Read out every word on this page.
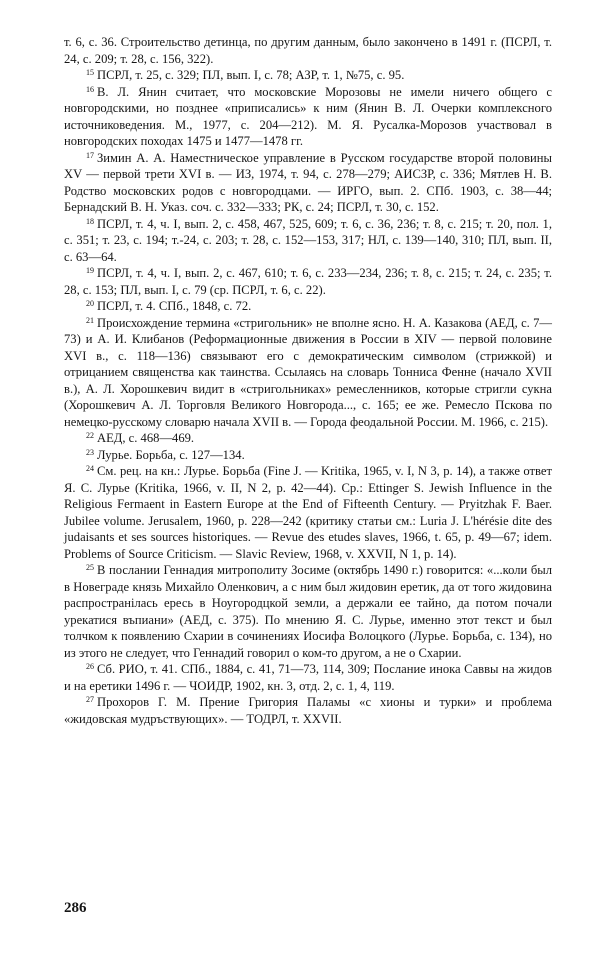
т. 6, с. 36. Строительство детинца, по другим данным, было закончено в 1491 г. (ПСРЛ, т. 24, с. 209; т. 28, с. 156, 322).

$^{15}$ ПСРЛ, т. 25, с. 329; ПЛ, вып. I, с. 78; АЗР, т. 1, №75, с. 95.

$^{16}$ В. Л. Янин считает, что московские Морозовы не имели ничего общего с новгородскими, но позднее «приписались» к ним (Янин В. Л. Очерки комплексного источниковедения. М., 1977, с. 204—212). М. Я. Русалка-Морозов участвовал в новгородских походах 1475 и 1477—1478 гг.

$^{17}$ Зимин А. А. Наместническое управление в Русском государстве второй половины XV — первой трети XVI в. — ИЗ, 1974, т. 94, с. 278—279; АИСЗР, с. 336; Мятлев Н. В. Родство московских родов с новгородцами. — ИРГО, вып. 2. СПб. 1903, с. 38—44; Бернадский В. Н. Указ. соч. с. 332—333; РК, с. 24; ПСРЛ, т. 30, с. 152.

$^{18}$ ПСРЛ, т. 4, ч. I, вып. 2, с. 458, 467, 525, 609; т. 6, с. 36, 236; т. 8, с. 215; т. 20, пол. 1, с. 351; т. 23, с. 194; т.-24, с. 203; т. 28, с. 152—153, 317; НЛ, с. 139—140, 310; ПЛ, вып. II, с. 63—64.

$^{19}$ ПСРЛ, т. 4, ч. I, вып. 2, с. 467, 610; т. 6, с. 233—234, 236; т. 8, с. 215; т. 24, с. 235; т. 28, с. 153; ПЛ, вып. I, с. 79 (ср. ПСРЛ, т. 6, с. 22).

$^{20}$ ПСРЛ, т. 4. СПб., 1848, с. 72.

$^{21}$ Происхождение термина «стригольник» не вполне ясно. Н. А. Казакова (АЕД, с. 7—73) и А. И. Клибанов (Реформационные движения в России в XIV — первой половине XVI в., с. 118—136) связывают его с демократическим символом (стрижкой) и отрицанием священства как таинства. Ссылаясь на словарь Тонниса Фенне (начало XVII в.), А. Л. Хорошкевич видит в «стригольниках» ремесленников, которые стригли сукна (Хорошкевич А. Л. Торговля Великого Новгорода..., с. 165; ее же. Ремесло Пскова по немецко-русскому словарю начала XVII в. — Города феодальной России. М. 1966, с. 215).

$^{22}$ АЕД, с. 468—469.

$^{23}$ Лурье. Борьба, с. 127—134.

$^{24}$ См. рец. на кн.: Лурье. Борьба (Fine J. — Kritika, 1965, v. I, N 3, p. 14), а также ответ Я. С. Лурье (Kritika, 1966, v. II, N 2, p. 42—44). Ср.: Ettinger S. Jewish Influence in the Religious Fermaent in Eastern Europe at the End of Fifteenth Century. — Pryitzhak F. Baer. Jubilee volume. Jerusalem, 1960, p. 228—242 (критику статьи см.: Luria J. L'hérésie dite des judaisants et ses sources historiques. — Revue des etudes slaves, 1966, t. 65, p. 49—67; idem. Problems of Source Criticism. — Slavic Review, 1968, v. XXVII, N 1, p. 14).

$^{25}$ В послании Геннадия митрополиту Зосиме (октябрь 1490 г.) говорится: «...коли был в Новеграде князь Михайло Оленкович, а с ним был жидовин еретик, да от того жидовина распространілась ересь в Ноугородцкой земли, а держали ее тайно, да потом почали урекатися въпиани» (АЕД, с. 375). По мнению Я. С. Лурье, именно этот текст и был толчком к появлению Схарии в сочинениях Иосифа Волоцкого (Лурье. Борьба, с. 134), но из этого не следует, что Геннадий говорил о ком-то другом, а не о Схарии.

$^{26}$ Сб. РИО, т. 41. СПб., 1884, с. 41, 71—73, 114, 309; Послание инока Саввы на жидов и на еретики 1496 г. — ЧОИДР, 1902, кн. 3, отд. 2, с. 1, 4, 119.

$^{27}$ Прохоров Г. М. Прение Григория Паламы «с хионы и турки» и проблема «жидовская мудръствующих». — ТОДРЛ, т. XXVII.

286
